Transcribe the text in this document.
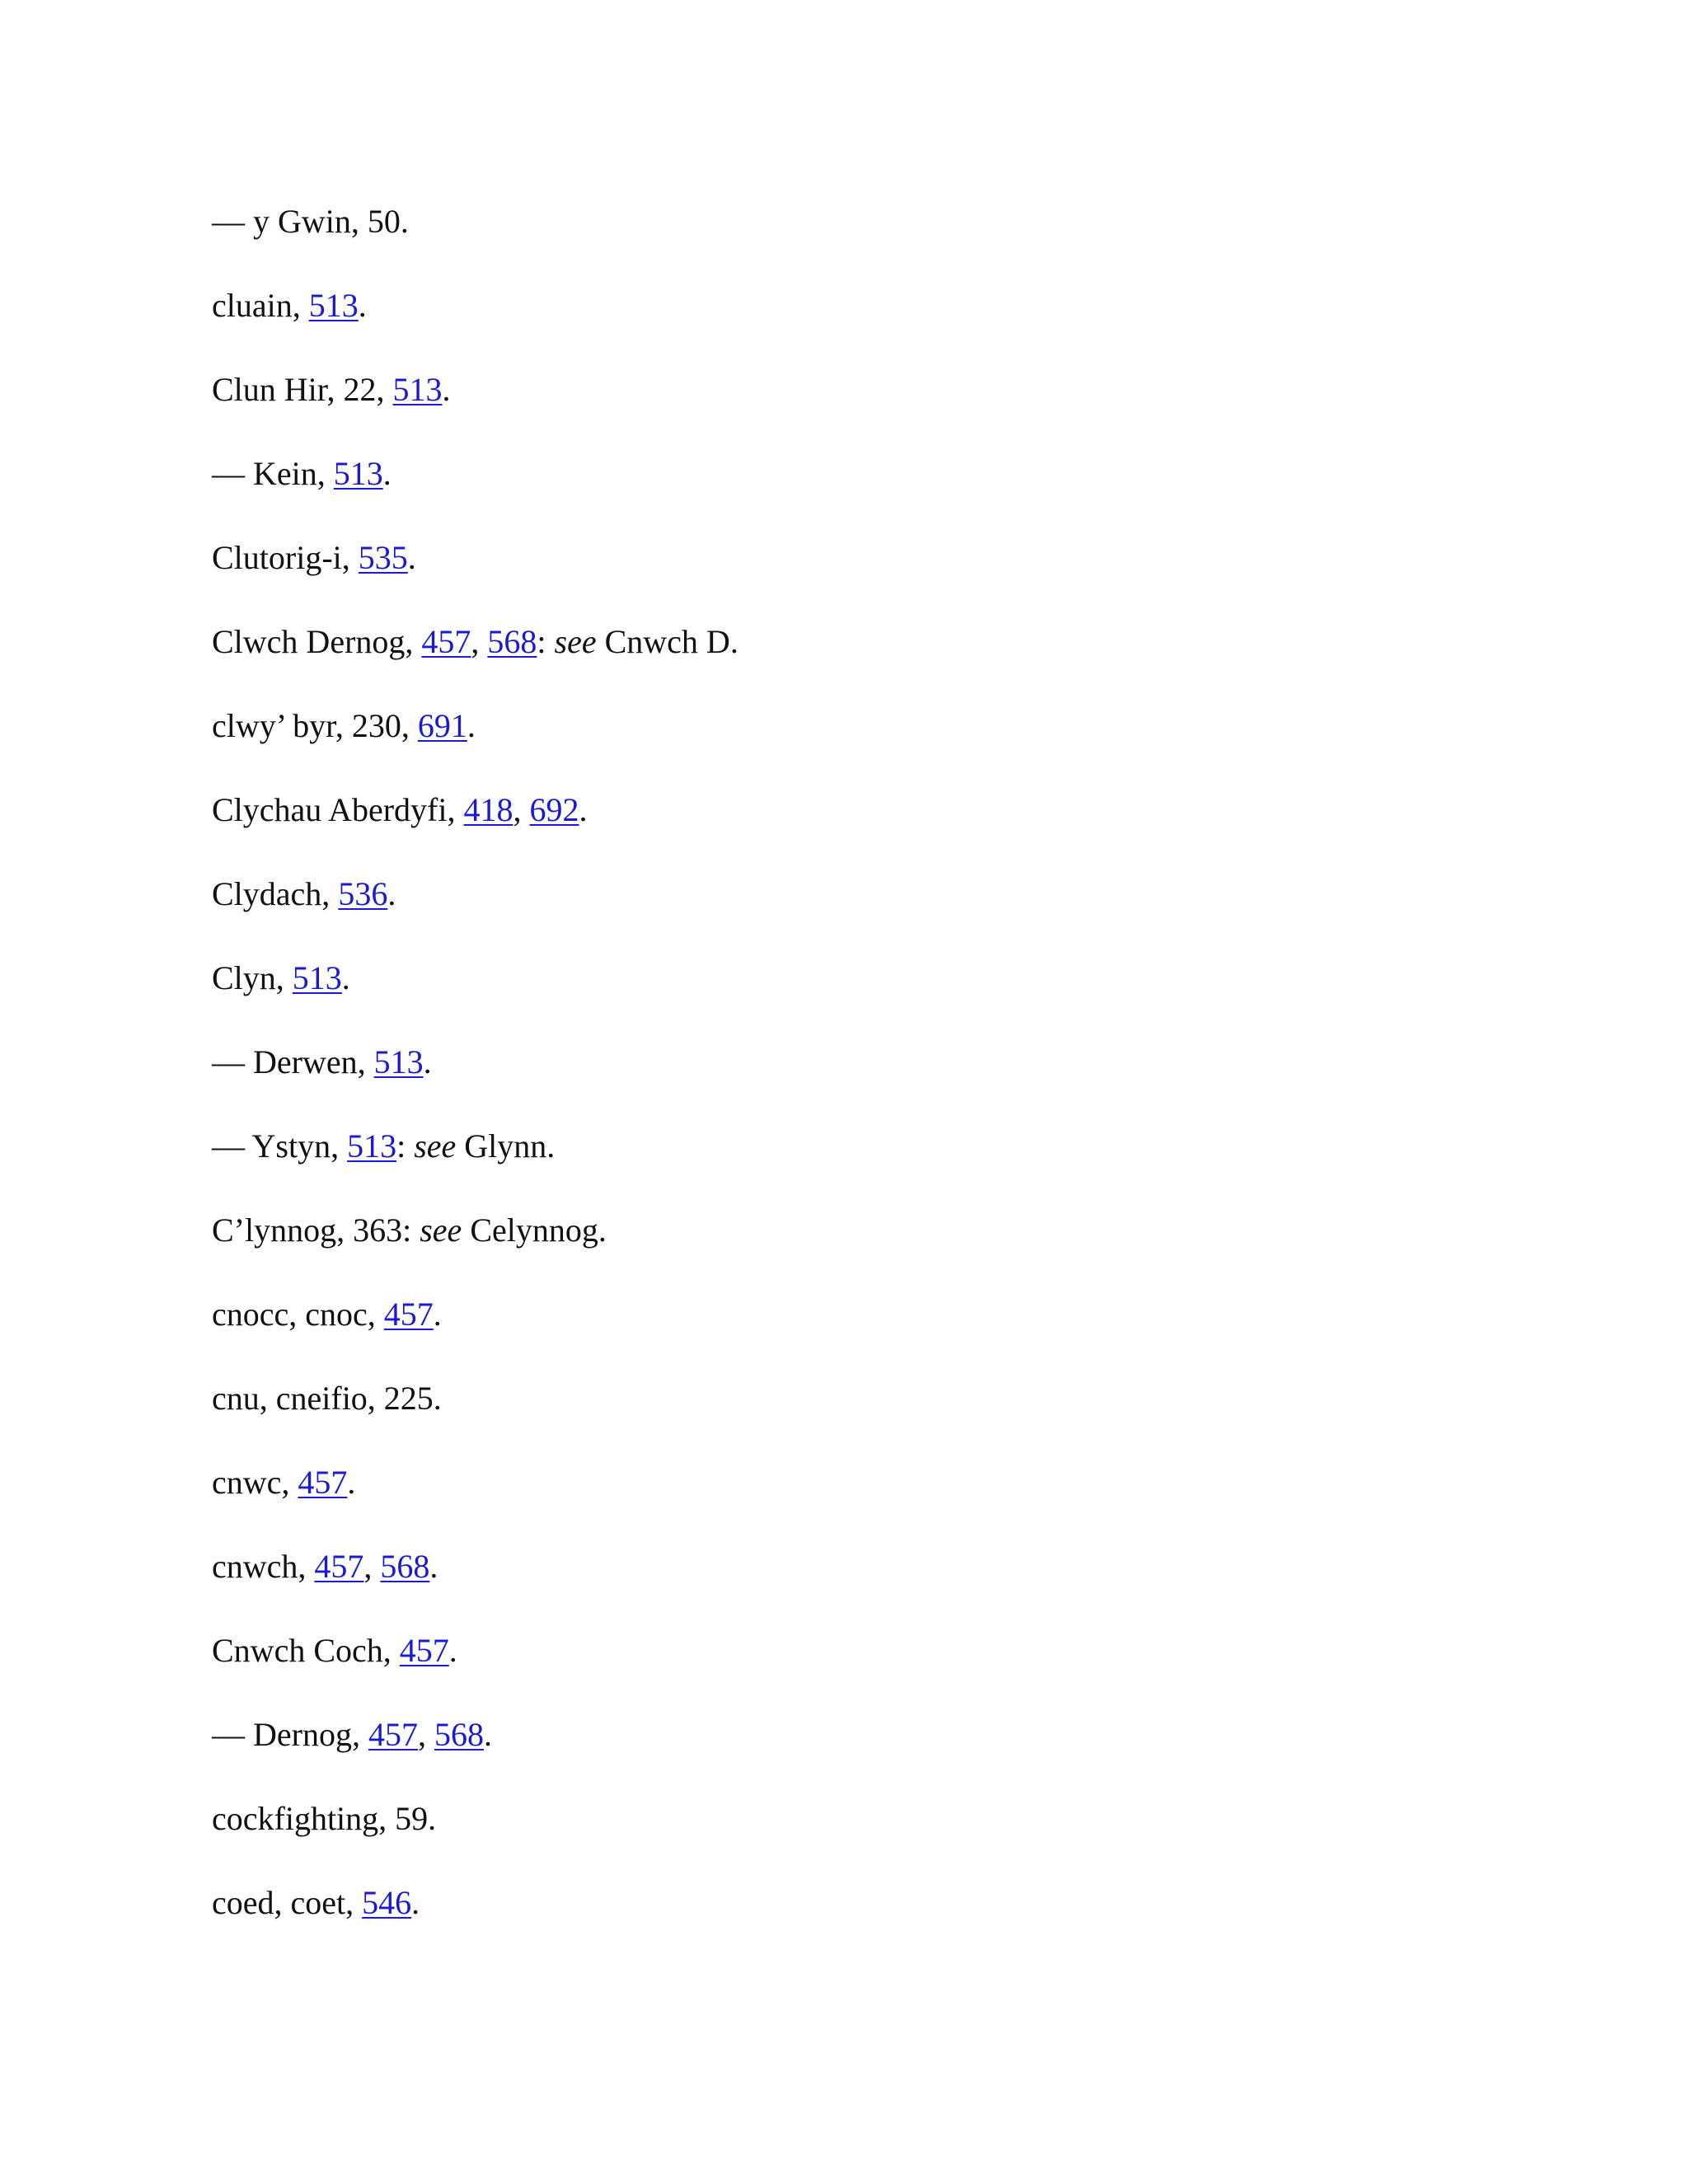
— y Gwin, 50.
cluain, 513.
Clun Hir, 22, 513.
— Kein, 513.
Clutorig-i, 535.
Clwch Dernog, 457, 568: see Cnwch D.
clwy’ byr, 230, 691.
Clychau Aberdyfi, 418, 692.
Clydach, 536.
Clyn, 513.
— Derwen, 513.
— Ystyn, 513: see Glynn.
C’lynnog, 363: see Celynnog.
cnocc, cnoc, 457.
cnu, cneifio, 225.
cnwc, 457.
cnwch, 457, 568.
Cnwch Coch, 457.
— Dernog, 457, 568.
cockfighting, 59.
coed, coet, 546.
